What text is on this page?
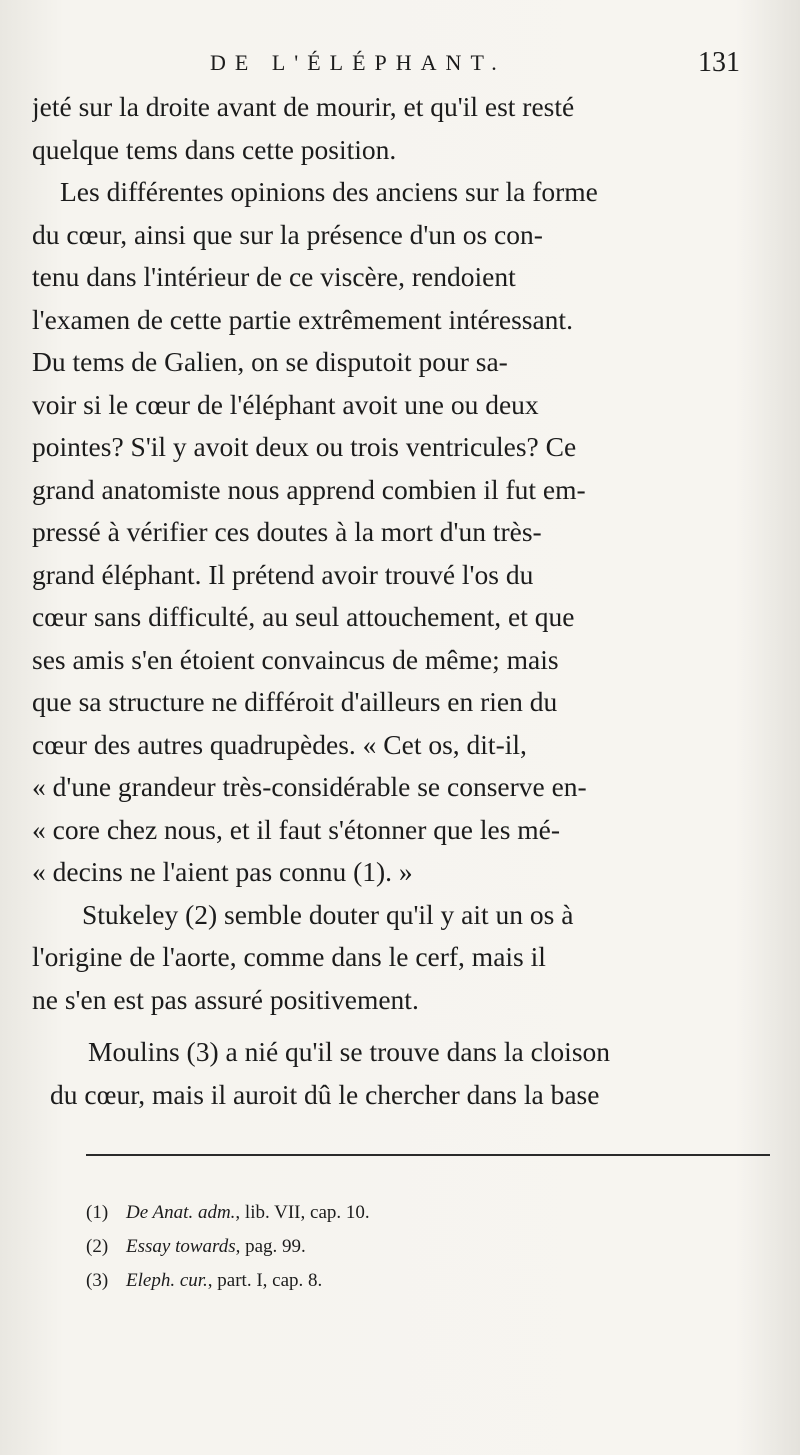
DE L'ÉLÉPHANT.	131
jeté sur la droite avant de mourir, et qu'il est resté
quelque tems dans cette position.
Les différentes opinions des anciens sur la forme
du cœur, ainsi que sur la présence d'un os con-
tenu dans l'intérieur de ce viscère, rendoient
l'examen de cette partie extrêmement intéressant.
Du tems de Galien, on se disputoit pour sa-
voir si le cœur de l'éléphant avoit une ou deux
pointes? S'il y avoit deux ou trois ventricules? Ce
grand anatomiste nous apprend combien il fut em-
pressé à vérifier ces doutes à la mort d'un très-
grand éléphant. Il prétend avoir trouvé l'os du
cœur sans difficulté, au seul attouchement, et que
ses amis s'en étoient convaincus de même; mais
que sa structure ne différoit d'ailleurs en rien du
cœur des autres quadrupèdes. « Cet os, dit-il,
« d'une grandeur très-considérable se conserve en-
« core chez nous, et il faut s'étonner que les mé-
« decins ne l'aient pas connu (1). »
Stukeley (2) semble douter qu'il y ait un os à
l'origine de l'aorte, comme dans le cerf, mais il
ne s'en est pas assuré positivement.
Moulins (3) a nié qu'il se trouve dans la cloison
du cœur, mais il auroit dû le chercher dans la base
(1) De Anat. adm., lib. VII, cap. 10.
(2) Essay towards, pag. 99.
(3) Eleph. cur., part. I, cap. 8.
